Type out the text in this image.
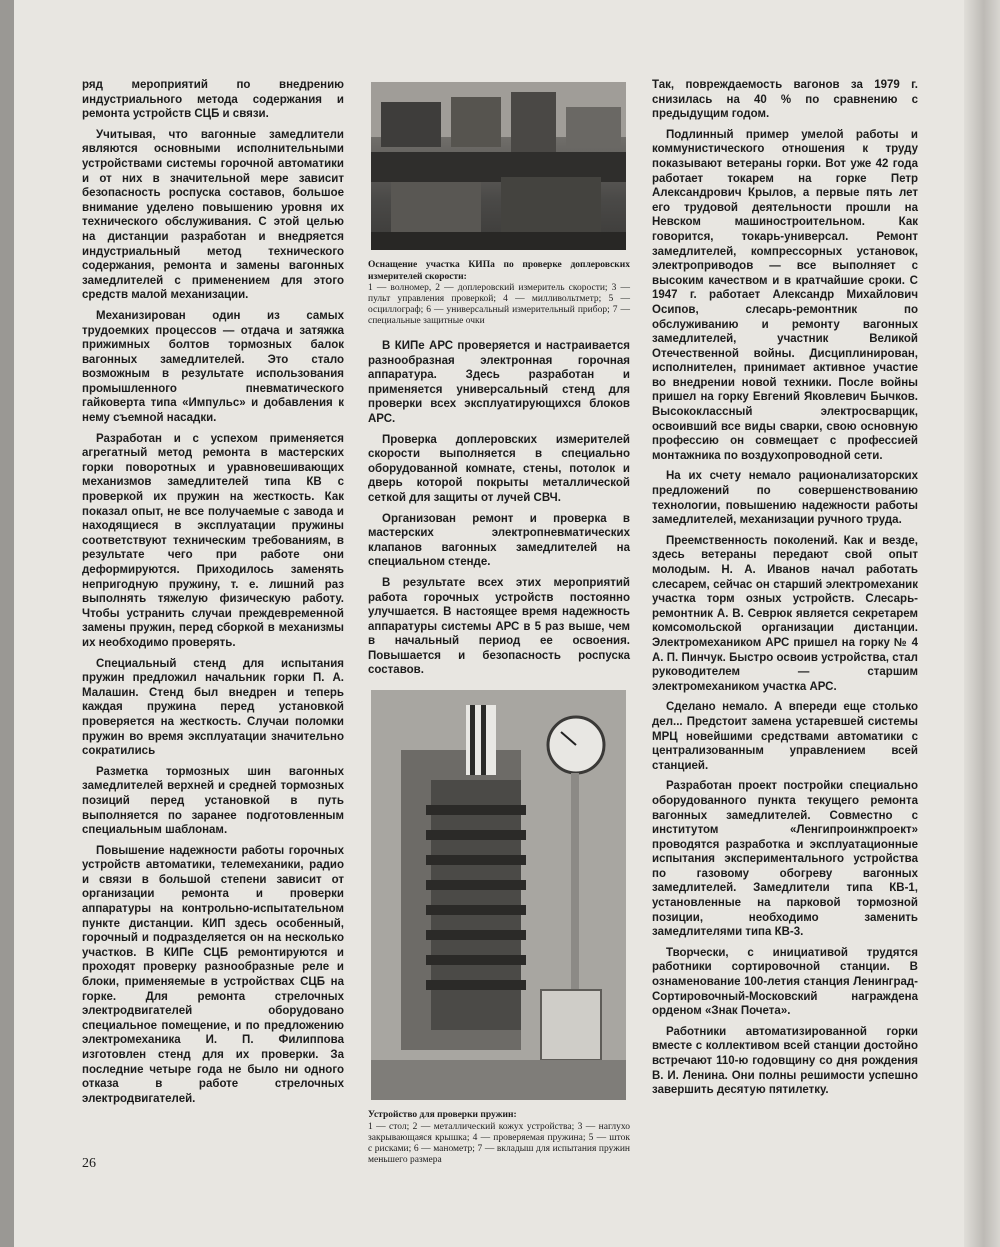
ряд мероприятий по внедрению индустриального метода содержания и ремонта устройств СЦБ и связи.

Учитывая, что вагонные замедлители являются основными исполнительными устройствами системы горочной автоматики и от них в значительной мере зависит безопасность роспуска составов, большое внимание уделено повышению уровня их технического обслуживания. С этой целью на дистанции разработан и внедряется индустриальный метод технического содержания, ремонта и замены вагонных замедлителей с применением для этого средств малой механизации.

Механизирован один из самых трудоемких процессов — отдача и затяжка прижимных болтов тормозных балок вагонных замедлителей. Это стало возможным в результате использования промышленного пневматического гайковерта типа «Импульс» и добавления к нему съемной насадки.

Разработан и с успехом применяется агрегатный метод ремонта в мастерских горки поворотных и уравновешивающих механизмов замедлителей типа КВ с проверкой их пружин на жесткость. Как показал опыт, не все получаемые с завода и находящиеся в эксплуатации пружины соответствуют техническим требованиям, в результате чего при работе они деформируются. Приходилось заменять непригодную пружину, т. е. лишний раз выполнять тяжелую физическую работу. Чтобы устранить случаи преждевременной замены пружин, перед сборкой в механизмы их необходимо проверять.

Специальный стенд для испытания пружин предложил начальник горки П. А. Малашин. Стенд был внедрен и теперь каждая пружина перед установкой проверяется на жесткость. Случаи поломки пружин во время эксплуатации значительно сократились

Разметка тормозных шин вагонных замедлителей верхней и средней тормозных позиций перед установкой в путь выполняется по заранее подготовленным специальным шаблонам.

Повышение надежности работы горочных устройств автоматики, телемеханики, радио и связи в большой степени зависит от организации ремонта и проверки аппаратуры на контрольно-испытательном пункте дистанции. КИП здесь особенный, горочный и подразделяется он на несколько участков. В КИПе СЦБ ремонтируются и проходят проверку разнообразные реле и блоки, применяемые в устройствах СЦБ на горке. Для ремонта стрелочных электродвигателей оборудовано специальное помещение, и по предложению электромеханика И. П. Филиппова изготовлен стенд для их проверки. За последние четыре года не было ни одного отказа в работе стрелочных электродвигателей.

Оснащение участка КИПа по проверке доплеровских измерителей скорости:

1 — волномер, 2 — доплеровский измеритель скорости; 3 — пульт управления проверкой; 4 — милливольтметр; 5 — осциллограф; 6 — универсальный измерительный прибор; 7 — специальные защитные очки

В КИПе АРС проверяется и настраивается разнообразная электронная горочная аппаратура. Здесь разработан и применяется универсальный стенд для проверки всех эксплуатирующихся блоков АРС.

Проверка доплеровских измерителей скорости выполняется в специально оборудованной комнате, стены, потолок и дверь которой покрыты металлической сеткой для защиты от лучей СВЧ.

Организован ремонт и проверка в мастерских электропневматических клапанов вагонных замедлителей на специальном стенде.

В результате всех этих мероприятий работа горочных устройств постоянно улучшается. В настоящее время надежность аппаратуры системы АРС в 5 раз выше, чем в начальный период ее освоения. Повышается и безопасность роспуска составов.

Устройство для проверки пружин:

1 — стол; 2 — металлический кожух устройства; 3 — наглухо закрывающаяся крышка; 4 — проверяемая пружина; 5 — шток с рисками; 6 — манометр; 7 — вкладыш для испытания пружин меньшего размера

Так, повреждаемость вагонов за 1979 г. снизилась на 40 % по сравнению с предыдущим годом.

Подлинный пример умелой работы и коммунистического отношения к труду показывают ветераны горки. Вот уже 42 года работает токарем на горке Петр Александрович Крылов, а первые пять лет его трудовой деятельности прошли на Невском машиностроительном. Как говорится, токарь-универсал. Ремонт замедлителей, компрессорных установок, электроприводов — все выполняет с высоким качеством и в кратчайшие сроки. С 1947 г. работает Александр Михайлович Осипов, слесарь-ремонтник по обслуживанию и ремонту вагонных замедлителей, участник Великой Отечественной войны. Дисциплинирован, исполнителен, принимает активное участие во внедрении новой техники. После войны пришел на горку Евгений Яковлевич Бычков. Высококлассный электросварщик, освоивший все виды сварки, свою основную профессию он совмещает с профессией монтажника по воздухопроводной сети.

На их счету немало рационализаторских предложений по совершенствованию технологии, повышению надежности работы замедлителей, механизации ручного труда.

Преемственность поколений. Как и везде, здесь ветераны передают свой опыт молодым. Н. А. Иванов начал работать слесарем, сейчас он старший электромеханик участка торм озных устройств. Слесарь-ремонтник А. В. Севрюк является секретарем комсомольской организации дистанции. Электромехаником АРС пришел на горку № 4 А. П. Пинчук. Быстро освоив устройства, стал руководителем — старшим электромехаником участка АРС.

Сделано немало. А впереди еще столько дел... Предстоит замена устаревшей системы МРЦ новейшими средствами автоматики с централизованным управлением всей станцией.

Разработан проект постройки специально оборудованного пункта текущего ремонта вагонных замедлителей. Совместно с институтом «Ленгипроинжпроект» проводятся разработка и эксплуатационные испытания экспериментального устройства по газовому обогреву вагонных замедлителей. Замедлители типа КВ-1, установленные на парковой тормозной позиции, необходимо заменить замедлителями типа КВ-3.

Творчески, с инициативой трудятся работники сортировочной станции. В ознаменование 100-летия станция Ленинград-Сортировочный-Московский награждена орденом «Знак Почета».

Работники автоматизированной горки вместе с коллективом всей станции достойно встречают 110-ю годовщину со дня рождения В. И. Ленина. Они полны решимости успешно завершить десятую пятилетку.

26
